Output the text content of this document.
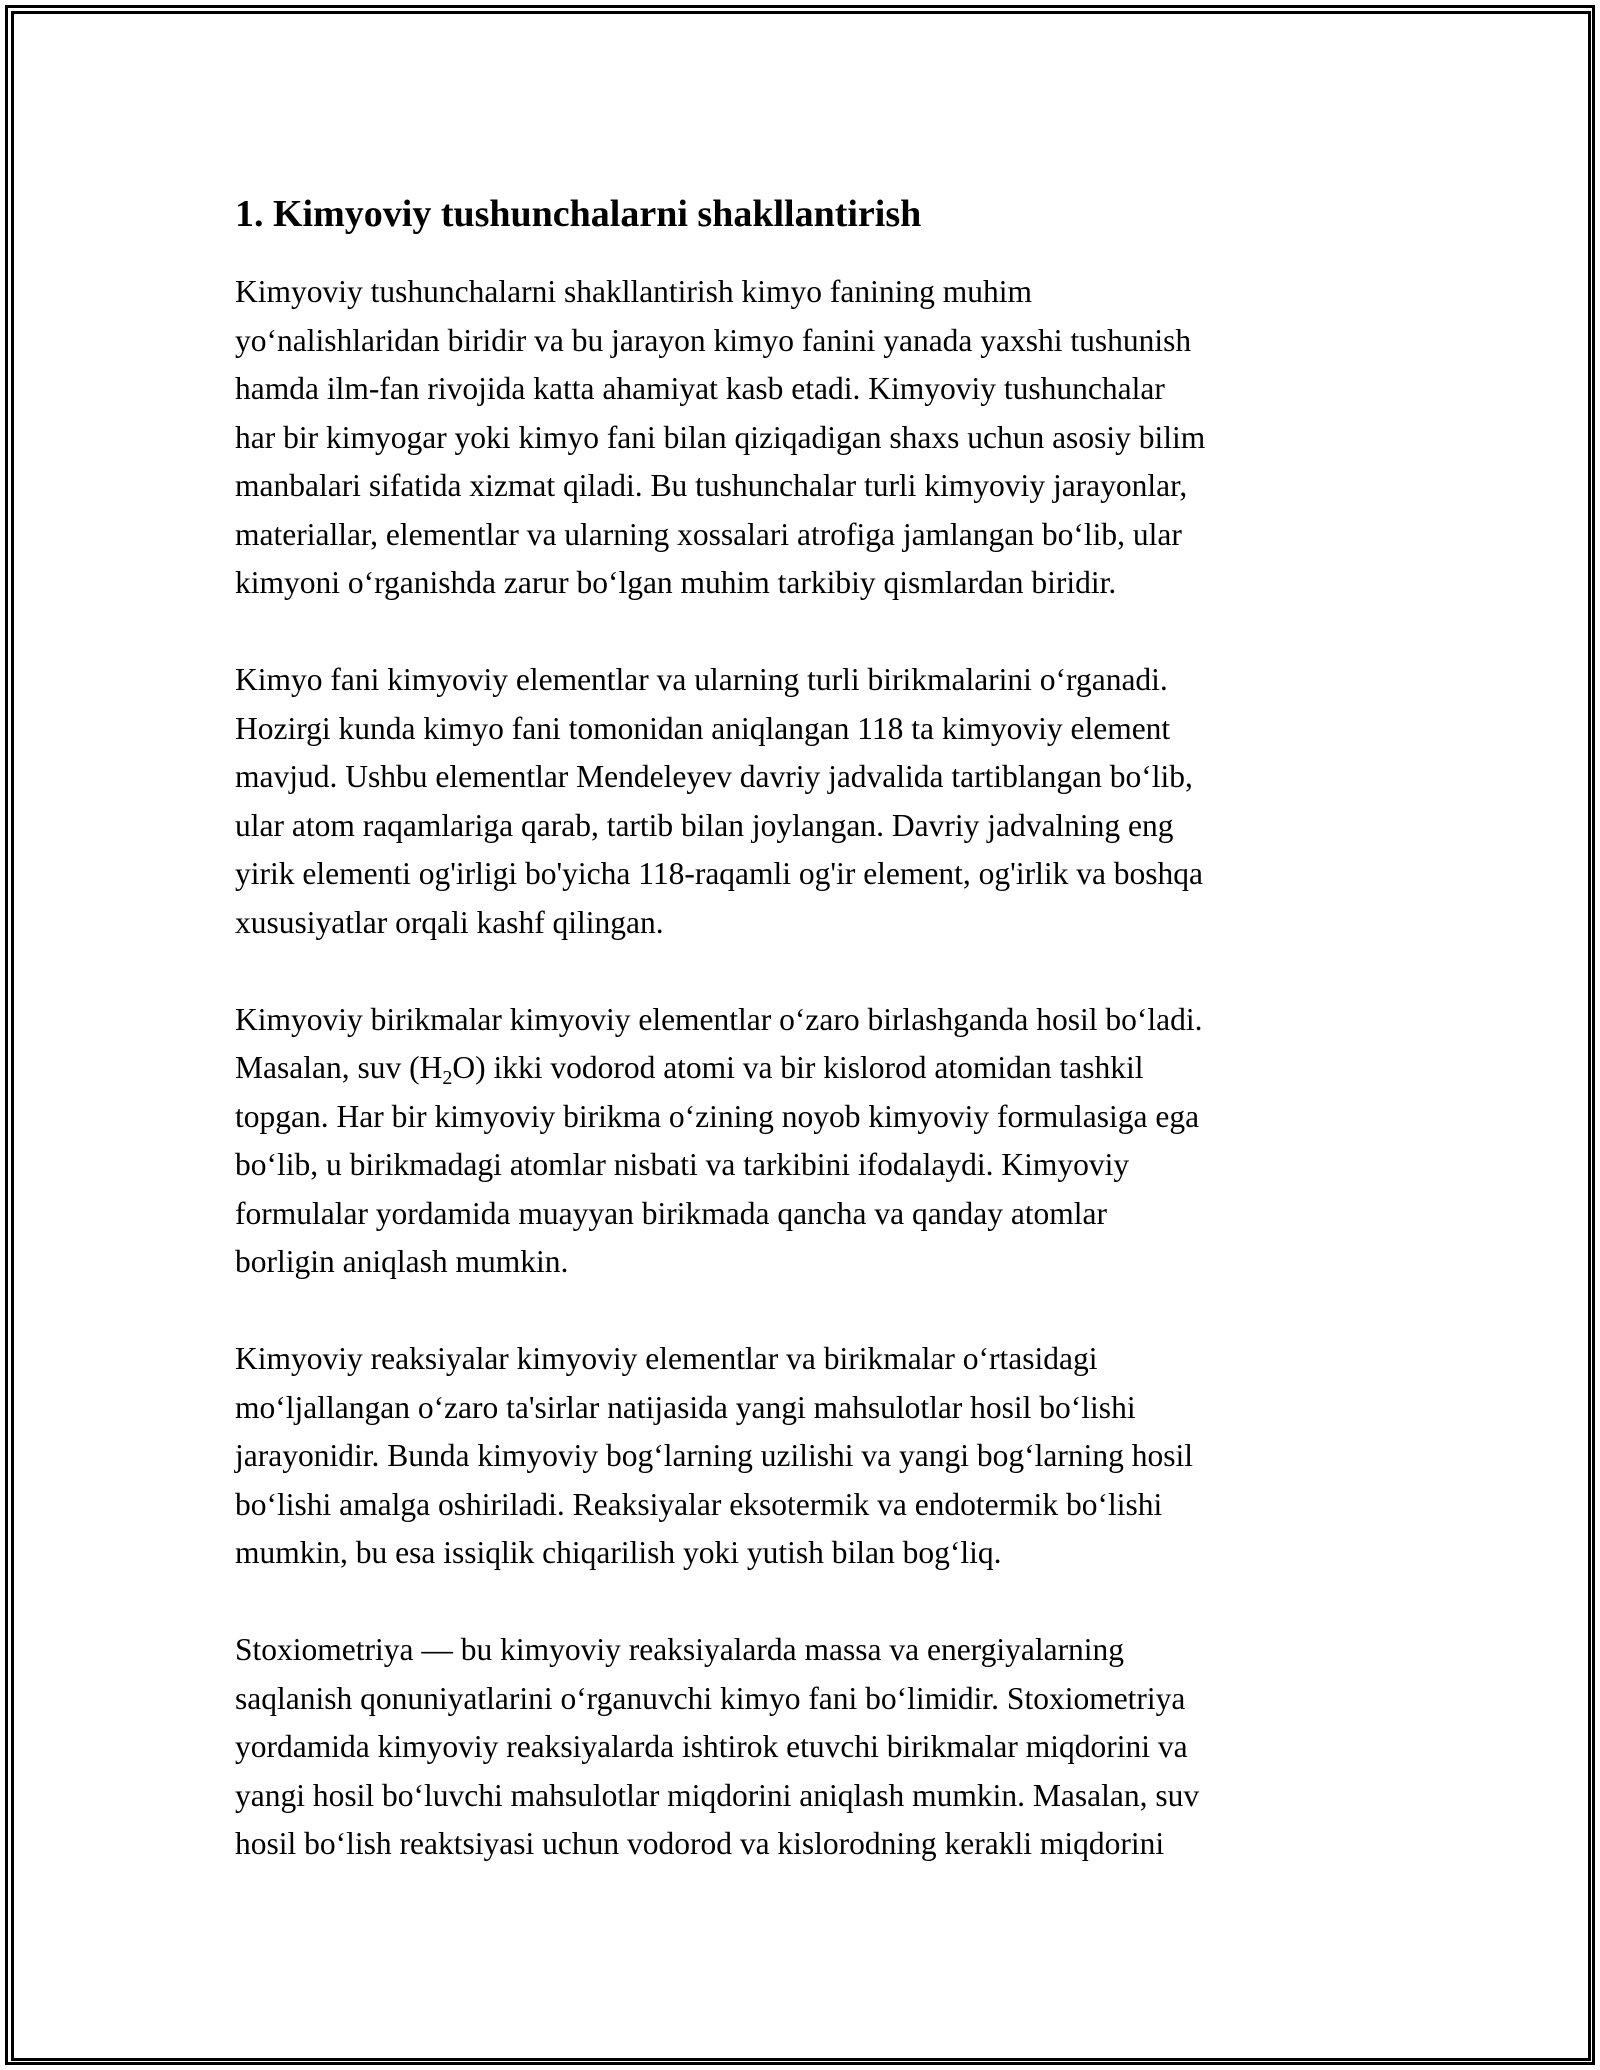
1. Kimyoviy tushunchalarni shakllantirish

Kimyoviy tushunchalarni shakllantirish kimyo fanining muhim
yo‘nalishlaridan biridir va bu jarayon kimyo fanini yanada yaxshi tushunish
hamda ilm-fan rivojida katta ahamiyat kasb etadi. Kimyoviy tushunchalar
har bir kimyogar yoki kimyo fani bilan qiziqadigan shaxs uchun asosiy bilim
manbalari sifatida xizmat qiladi. Bu tushunchalar turli kimyoviy jarayonlar,
materiallar, elementlar va ularning xossalari atrofiga jamlangan bo‘lib, ular
kimyoni o‘rganishda zarur bo‘lgan muhim tarkibiy qismlardan biridir.

Kimyo fani kimyoviy elementlar va ularning turli birikmalarini o‘rganadi.
Hozirgi kunda kimyo fani tomonidan aniqlangan 118 ta kimyoviy element
mavjud. Ushbu elementlar Mendeleyev davriy jadvalida tartiblangan bo‘lib,
ular atom raqamlariga qarab, tartib bilan joylangan. Davriy jadvalning eng
yirik elementi og'irligi bo'yicha 118-raqamli og'ir element, og'irlik va boshqa
xususiyatlar orqali kashf qilingan.

Kimyoviy birikmalar kimyoviy elementlar o‘zaro birlashganda hosil bo‘ladi.
Masalan, suv $(H_2O)$ ikki vodorod atomi va bir kislorod atomidan tashkil
topgan. Har bir kimyoviy birikma o‘zining noyob kimyoviy formulasiga ega
bo‘lib, u birikmadagi atomlar nisbati va tarkibini ifodalaydi. Kimyoviy
formulalar yordamida muayyan birikmada qancha va qanday atomlar
borligin aniqlash mumkin.

Kimyoviy reaksiyalar kimyoviy elementlar va birikmalar o‘rtasidagi
mo‘ljallangan o‘zaro ta'sirlar natijasida yangi mahsulotlar hosil bo‘lishi
jarayonidir. Bunda kimyoviy bog‘larning uzilishi va yangi bog‘larning hosil
bo‘lishi amalga oshiriladi. Reaksiyalar eksotermik va endotermik bo‘lishi
mumkin, bu esa issiqlik chiqarilish yoki yutish bilan bog‘liq.

Stoxiometriya — bu kimyoviy reaksiyalarda massa va energiyalarning
saqlanish qonuniyatlarini o‘rganuvchi kimyo fani bo‘limidir. Stoxiometriya
yordamida kimyoviy reaksiyalarda ishtirok etuvchi birikmalar miqdorini va
yangi hosil bo‘luvchi mahsulotlar miqdorini aniqlash mumkin. Masalan, suv
hosil bo‘lish reaktsiyasi uchun vodorod va kislorodning kerakli miqdorini
